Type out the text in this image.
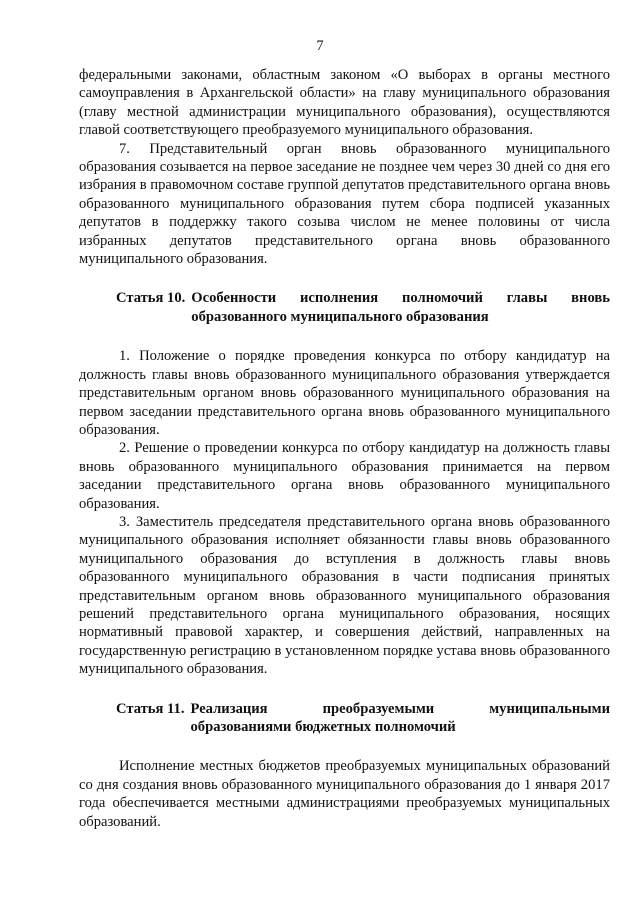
7

федеральными законами, областным законом «О выборах в органы местного самоуправления в Архангельской области» на главу муниципального образования (главу местной администрации муниципального образования), осуществляются главой соответствующего преобразуемого муниципального образования.

7. Представительный орган вновь образованного муниципального образования созывается на первое заседание не позднее чем через 30 дней со дня его избрания в правомочном составе группой депутатов представительного органа вновь образованного муниципального образования путем сбора подписей указанных депутатов в поддержку такого созыва числом не менее половины от числа избранных депутатов представительного органа вновь образованного муниципального образования.

Статья 10. Особенности исполнения полномочий главы вновь образованного муниципального образования

1. Положение о порядке проведения конкурса по отбору кандидатур на должность главы вновь образованного муниципального образования утверждается представительным органом вновь образованного муниципального образования на первом заседании представительного органа вновь образованного муниципального образования.

2. Решение о проведении конкурса по отбору кандидатур на должность главы вновь образованного муниципального образования принимается на первом заседании представительного органа вновь образованного муниципального образования.

3. Заместитель председателя представительного органа вновь образованного муниципального образования исполняет обязанности главы вновь образованного муниципального образования до вступления в должность главы вновь образованного муниципального образования в части подписания принятых представительным органом вновь образованного муниципального образования решений представительного органа муниципального образования, носящих нормативный правовой характер, и совершения действий, направленных на государственную регистрацию в установленном порядке устава вновь образованного муниципального образования.

Статья 11. Реализация преобразуемыми муниципальными образованиями бюджетных полномочий

Исполнение местных бюджетов преобразуемых муниципальных образований со дня создания вновь образованного муниципального образования до 1 января 2017 года обеспечивается местными администрациями преобразуемых муниципальных образований.
